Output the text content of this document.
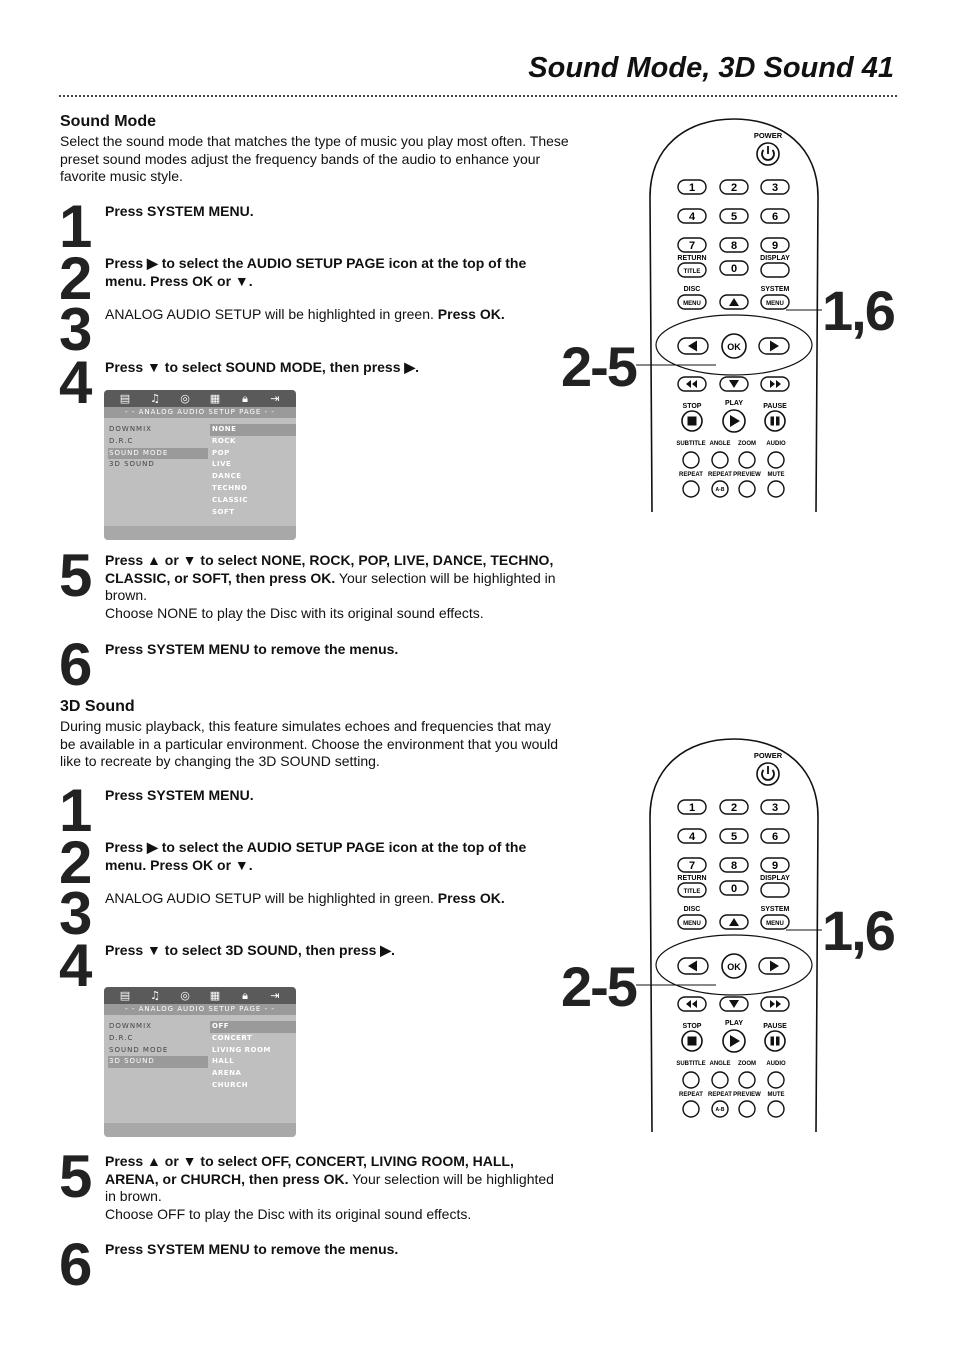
Sound Mode, 3D Sound 41
Sound Mode
Select the sound mode that matches the type of music you play most often. These preset sound modes adjust the frequency bands of the audio to enhance your favorite music style.
1 Press SYSTEM MENU.
2 Press ▶ to select the AUDIO SETUP PAGE icon at the top of the menu. Press OK or ▼.
3 ANALOG AUDIO SETUP will be highlighted in green. Press OK.
4 Press ▼ to select SOUND MODE, then press ▶.
5 Press ▲ or ▼ to select NONE, ROCK, POP, LIVE, DANCE, TECHNO, CLASSIC, or SOFT, then press OK. Your selection will be highlighted in brown.
Choose NONE to play the Disc with its original sound effects.
6 Press SYSTEM MENU to remove the menus.
▤	♫	◎	▦	🔒︎	⇥
- - ANALOG AUDIO SETUP PAGE - -
DOWNMIX
D.R.C
SOUND MODE
3D SOUND
NONE
ROCK
POP
LIVE
DANCE
TECHNO
CLASSIC
SOFT
3D Sound
During music playback, this feature simulates echoes and frequencies that may be available in a particular environment. Choose the environment that you would like to recreate by changing the 3D SOUND setting.
1 Press SYSTEM MENU.
2 Press ▶ to select the AUDIO SETUP PAGE icon at the top of the menu. Press OK or ▼.
3 ANALOG AUDIO SETUP will be highlighted in green. Press OK.
4 Press ▼ to select 3D SOUND, then press ▶.
5 Press ▲ or ▼ to select OFF, CONCERT, LIVING ROOM, HALL, ARENA, or CHURCH, then press OK. Your selection will be highlighted in brown.
Choose OFF to play the Disc with its original sound effects.
6 Press SYSTEM MENU to remove the menus.
▤	♫	◎	▦	🔒︎	⇥
- - ANALOG AUDIO SETUP PAGE - -
DOWNMIX
D.R.C
SOUND MODE
3D SOUND
OFF
CONCERT
LIVING ROOM
HALL
ARENA
CHURCH
POWER
1	2	3
4	5	6
7	8	9
0
RETURN	DISPLAY
TITLE
DISC	SYSTEM
MENU	MENU
OK
STOP	PLAY	PAUSE
SUBTITLE ANGLE ZOOM AUDIO
REPEAT REPEAT PREVIEW MUTE
A-B
1,6
2-5
POWER
1	2	3
4	5	6
7	8	9
0
RETURN	DISPLAY
TITLE
DISC	SYSTEM
MENU	MENU
OK
STOP	PLAY	PAUSE
SUBTITLE ANGLE ZOOM AUDIO
REPEAT REPEAT PREVIEW MUTE
A-B
1,6
2-5
